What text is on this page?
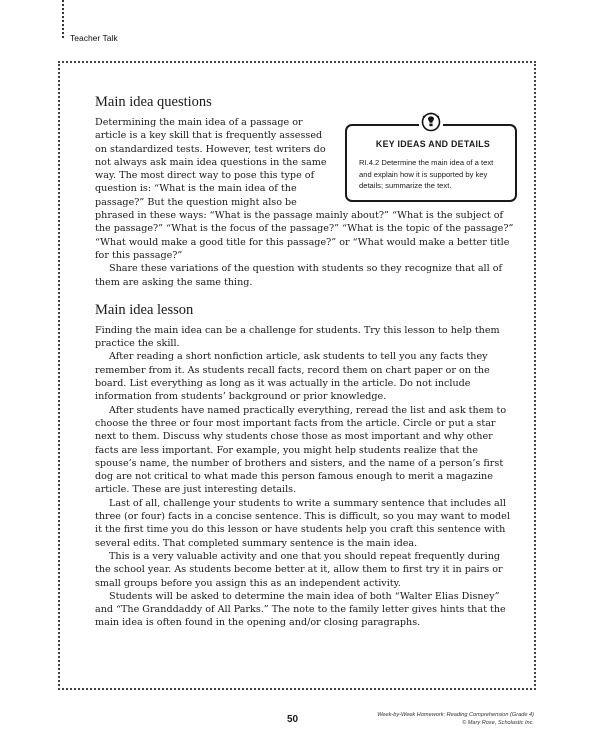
Teacher Talk
Main idea questions
KEY IDEAS AND DETAILS
RI.4.2 Determine the main idea of a text and explain how it is supported by key details; summarize the text.

Determining the main idea of a passage or article is a key skill that is frequently assessed on standardized tests. However, test writers do not always ask main idea questions in the same way. The most direct way to pose this type of question is: “What is the main idea of the passage?” But the question might also be phrased in these ways: “What is the passage mainly about?” “What is the subject of the passage?” “What is the focus of the passage?” “What is the topic of the passage?” “What would make a good title for this passage?” or “What would make a better title for this passage?”

Share these variations of the question with students so they recognize that all of them are asking the same thing.

Main idea lesson

Finding the main idea can be a challenge for students. Try this lesson to help them practice the skill.

After reading a short nonfiction article, ask students to tell you any facts they remember from it. As students recall facts, record them on chart paper or on the board. List everything as long as it was actually in the article. Do not include information from students’ background or prior knowledge.

After students have named practically everything, reread the list and ask them to choose the three or four most important facts from the article. Circle or put a star next to them. Discuss why students chose those as most important and why other facts are less important. For example, you might help students realize that the spouse’s name, the number of brothers and sisters, and the name of a person’s first dog are not critical to what made this person famous enough to merit a magazine article. These are just interesting details.

Last of all, challenge your students to write a summary sentence that includes all three (or four) facts in a concise sentence. This is difficult, so you may want to model it the first time you do this lesson or have students help you craft this sentence with several edits. That completed summary sentence is the main idea.

This is a very valuable activity and one that you should repeat frequently during the school year. As students become better at it, allow them to first try it in pairs or small groups before you assign this as an independent activity.

Students will be asked to determine the main idea of both “Walter Elias Disney” and “The Granddaddy of All Parks.” The note to the family letter gives hints that the main idea is often found in the opening and/or closing paragraphs.

50	Week-by-Week Homework: Reading Comprehension (Grade 4)
© Mary Rose, Scholastic Inc.
